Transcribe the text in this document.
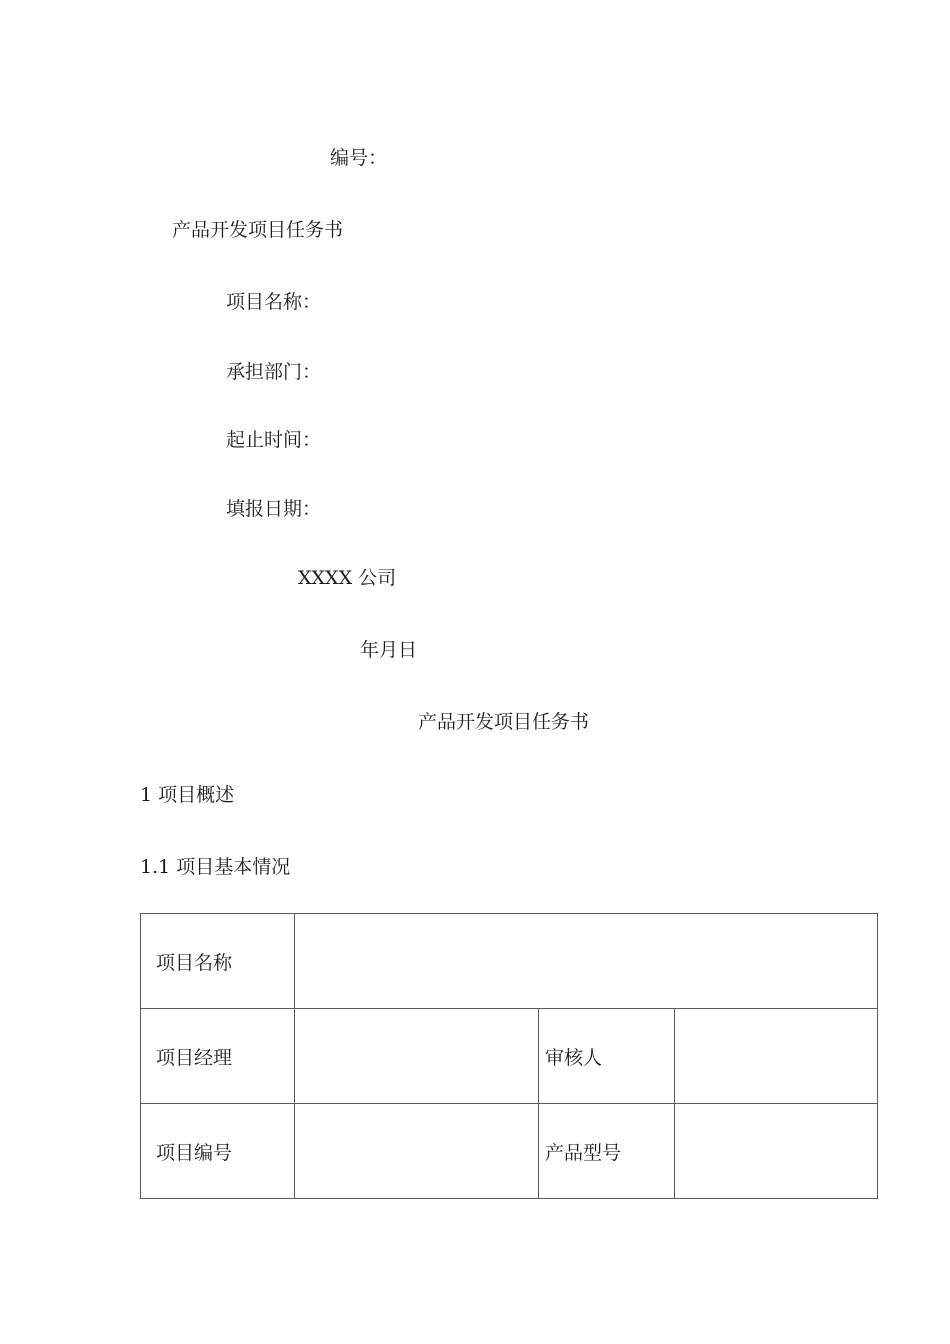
编号：
产品开发项目任务书
项目名称：
承担部门：
起止时间：
填报日期：
XXXX 公司
年月日
产品开发项目任务书
1 项目概述
1.1 项目基本情况
项目名称			
项目经理		审核人	
项目编号		产品型号	
